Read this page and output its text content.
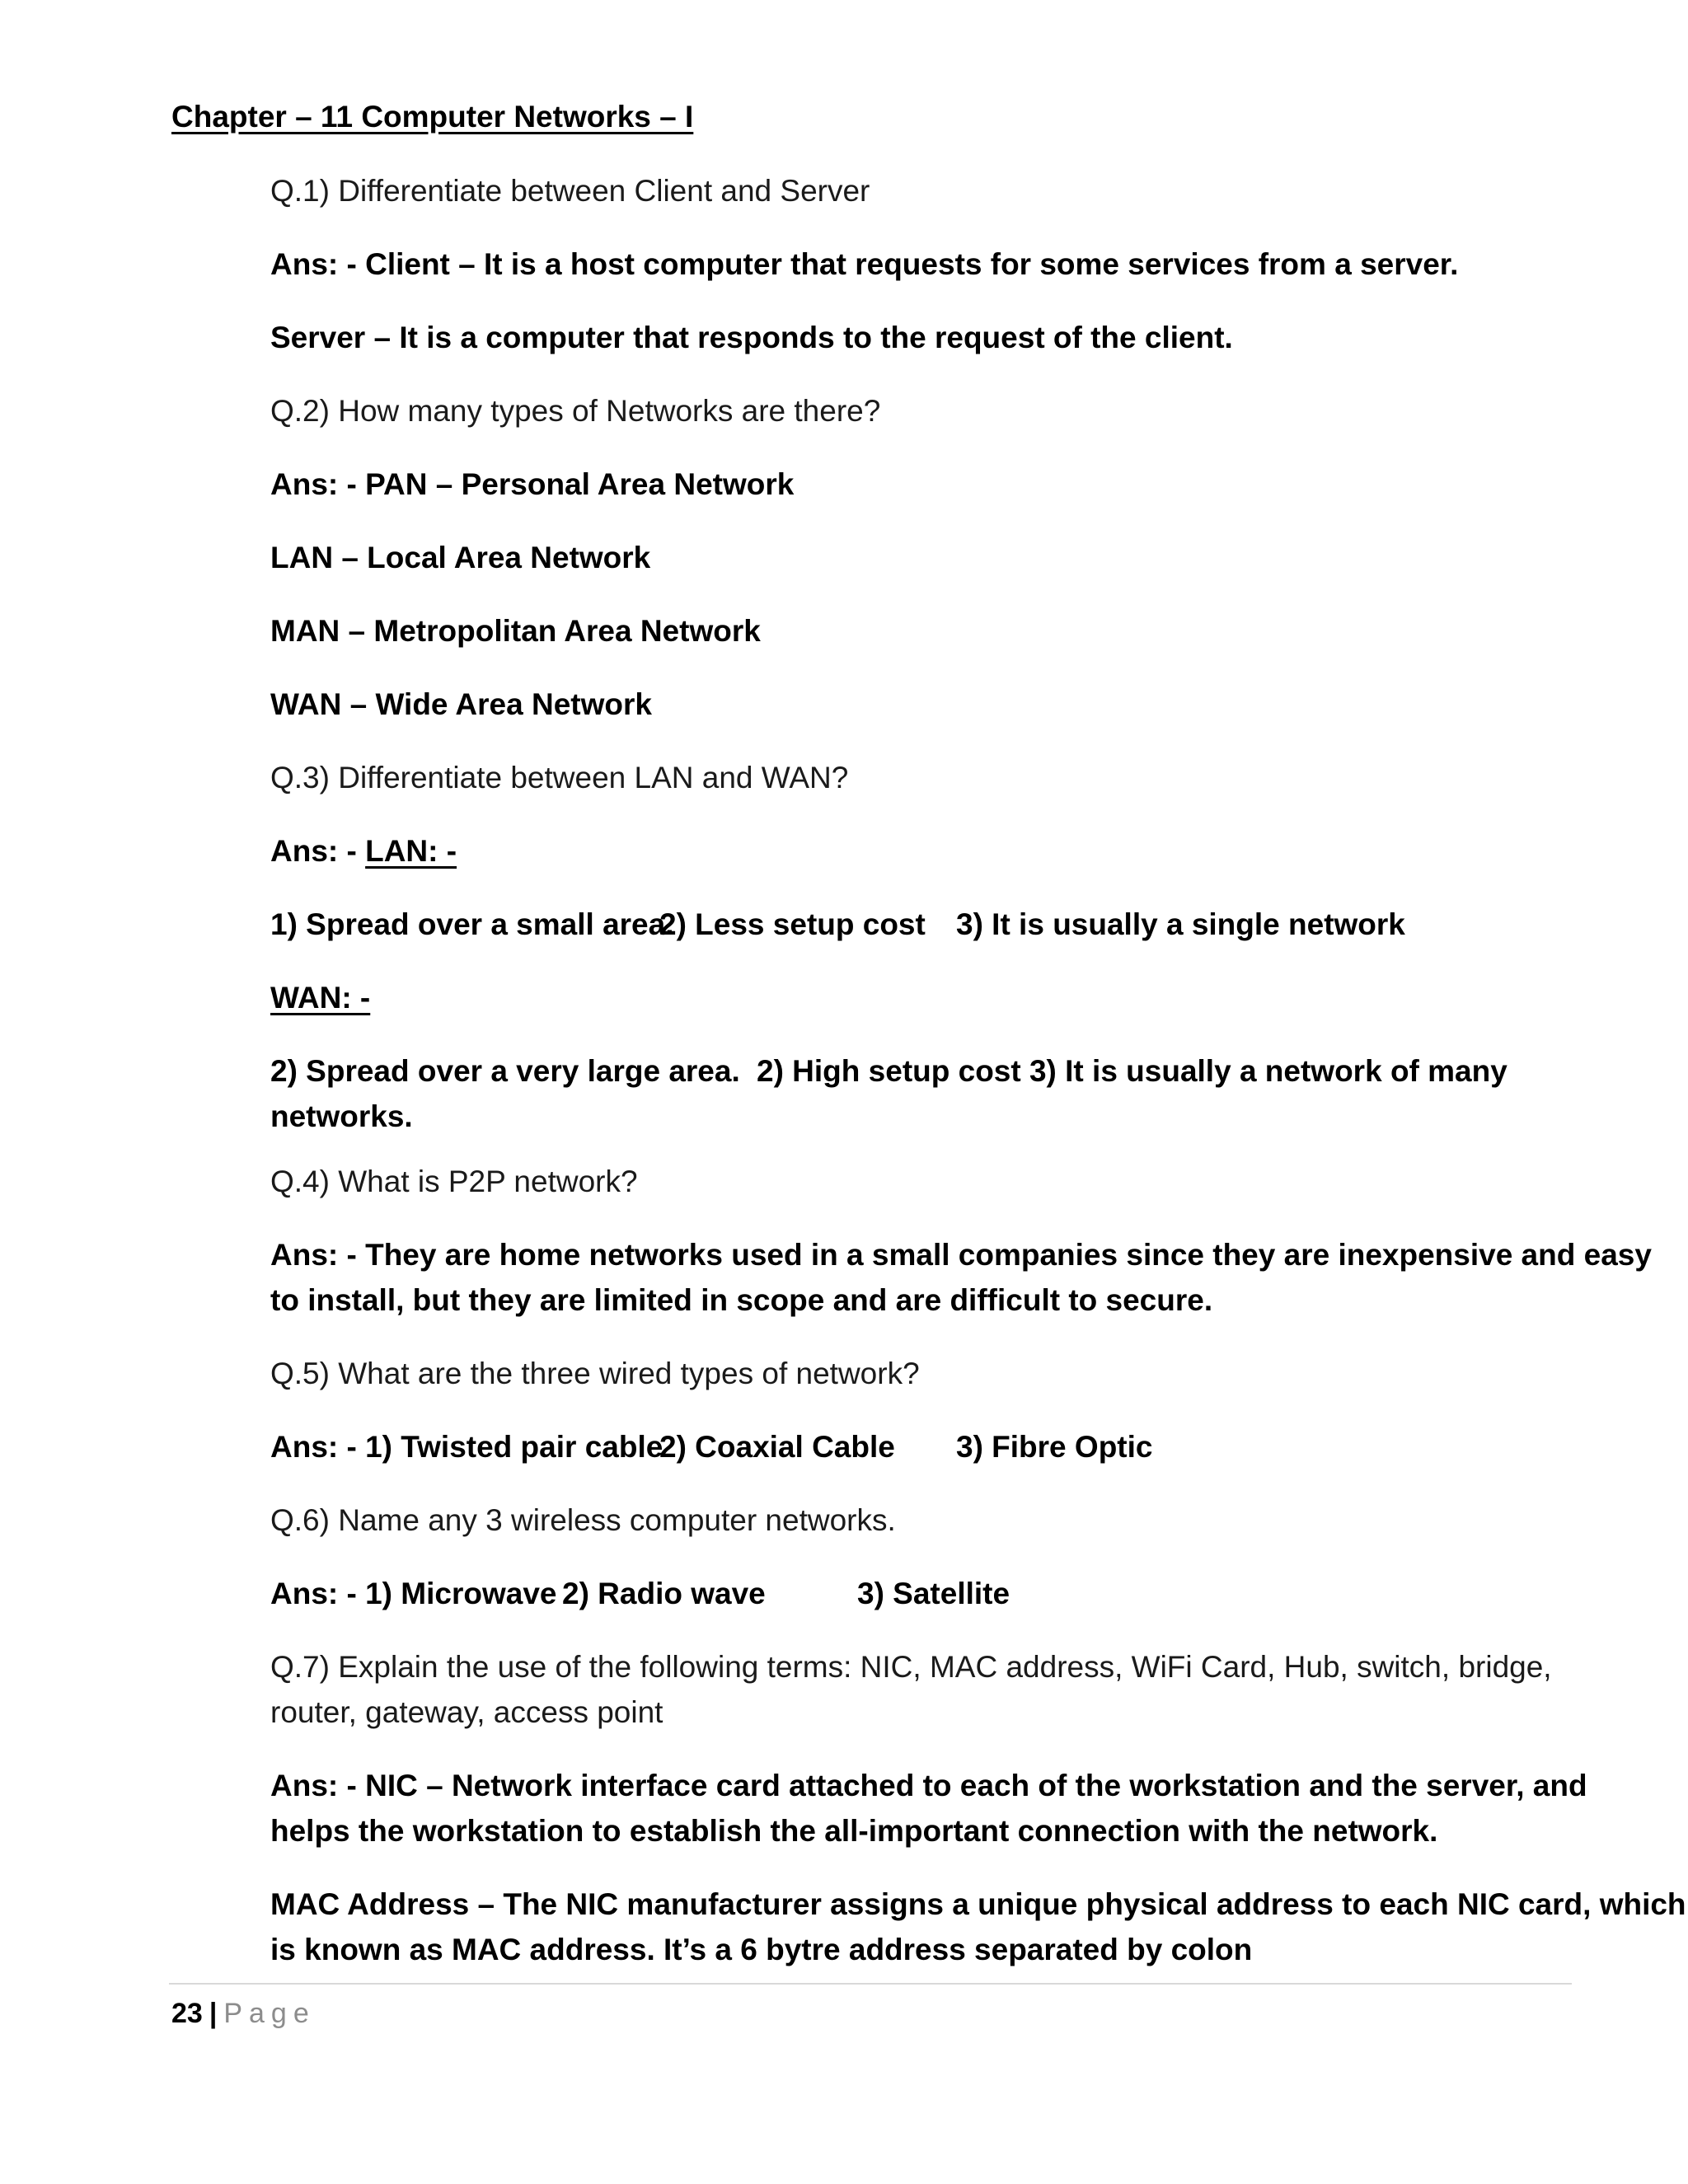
Chapter – 11 Computer Networks – I
Q.1) Differentiate between Client and Server
Ans: - Client – It is a host computer that requests for some services from a server.
Server – It is a computer that responds to the request of the client.
Q.2) How many types of Networks are there?
Ans: - PAN – Personal Area Network
LAN – Local Area Network
MAN – Metropolitan Area Network
WAN – Wide Area Network
Q.3) Differentiate between LAN and WAN?
Ans: - LAN: -
1) Spread over a small area.
2) Less setup cost 3) It is usually a single network
WAN: -
2) Spread over a very large area. 2) High setup cost 3) It is usually a network of many
networks.
Q.4) What is P2P network?
Ans: - They are home networks used in a small companies since they are inexpensive and easy
to install, but they are limited in scope and are difficult to secure.
Q.5) What are the three wired types of network?
Ans: - 1) Twisted pair cable
2) Coaxial Cable 3) Fibre Optic
Q.6) Name any 3 wireless computer networks.
Ans: - 1) Microwave 2) Radio wave	3) Satellite
Q.7) Explain the use of the following terms: NIC, MAC address, WiFi Card, Hub, switch, bridge,
router, gateway, access point
Ans: - NIC – Network interface card attached to each of the workstation and the server, and
helps the workstation to establish the all-important connection with the network.
MAC Address – The NIC manufacturer assigns a unique physical address to each NIC card, which
is known as MAC address. It’s a 6 bytre address separated by colon
23 | Page
